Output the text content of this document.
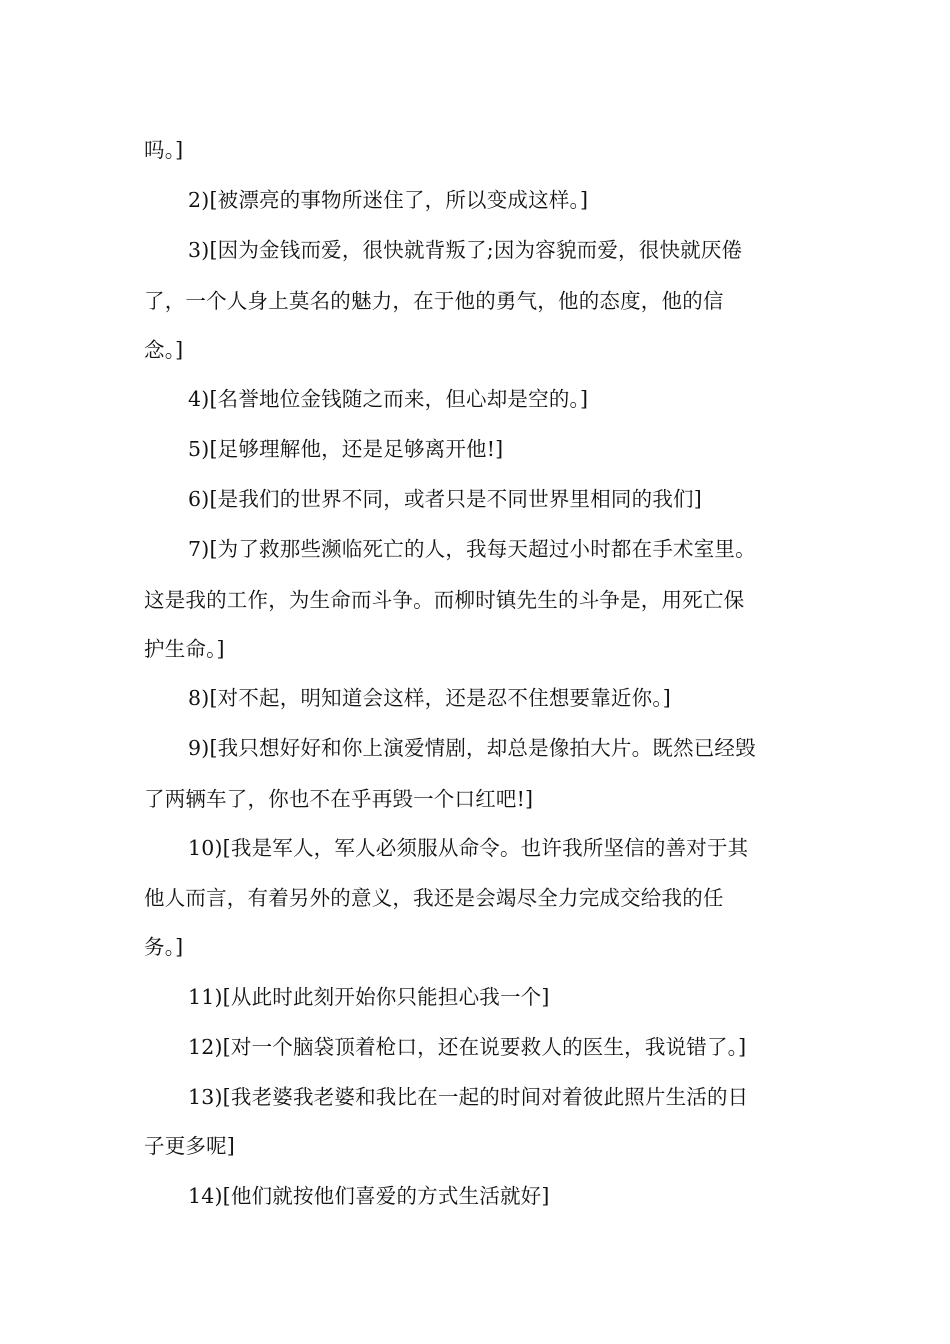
吗。]
2)[被漂亮的事物所迷住了，所以变成这样。]
3)[因为金钱而爱，很快就背叛了;因为容貌而爱，很快就厌倦
了，一个人身上莫名的魅力，在于他的勇气，他的态度，他的信
念。]
4)[名誉地位金钱随之而来，但心却是空的。]
5)[足够理解他，还是足够离开他!]
6)[是我们的世界不同，或者只是不同世界里相同的我们]
7)[为了救那些濒临死亡的人，我每天超过小时都在手术室里。
这是我的工作，为生命而斗争。而柳时镇先生的斗争是，用死亡保
护生命。]
8)[对不起，明知道会这样，还是忍不住想要靠近你。]
9)[我只想好好和你上演爱情剧，却总是像拍大片。既然已经毁
了两辆车了，你也不在乎再毁一个口红吧!]
10)[我是军人，军人必须服从命令。也许我所坚信的善对于其
他人而言，有着另外的意义，我还是会竭尽全力完成交给我的任
务。]
11)[从此时此刻开始你只能担心我一个]
12)[对一个脑袋顶着枪口，还在说要救人的医生，我说错了。]
13)[我老婆我老婆和我比在一起的时间对着彼此照片生活的日
子更多呢]
14)[他们就按他们喜爱的方式生活就好]
